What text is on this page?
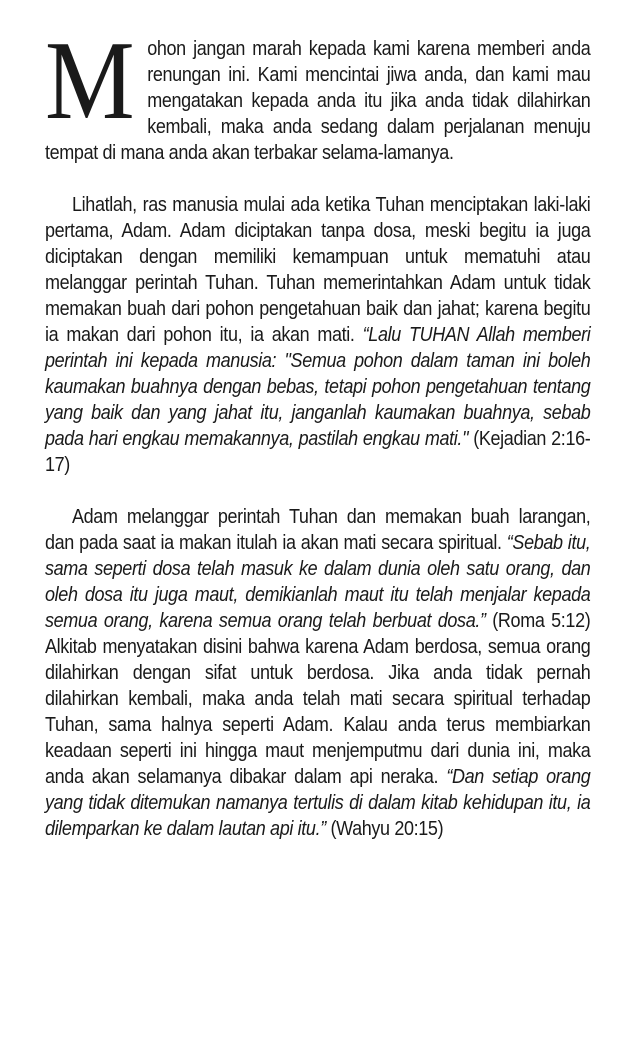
Mohon jangan marah kepada kami karena memberi anda renungan ini. Kami mencintai jiwa anda, dan kami mau mengatakan kepada anda itu jika anda tidak dilahirkan kembali, maka anda sedang dalam perjalanan menuju tempat di mana anda akan terbakar selama-lamanya.

Lihatlah, ras manusia mulai ada ketika Tuhan menciptakan laki-laki pertama, Adam. Adam diciptakan tanpa dosa, meski begitu ia juga diciptakan dengan memiliki kemampuan untuk mematuhi atau melanggar perintah Tuhan. Tuhan memerintahkan Adam untuk tidak memakan buah dari pohon pengetahuan baik dan jahat; karena begitu ia makan dari pohon itu, ia akan mati. “Lalu TUHAN Allah memberi perintah ini kepada manusia: "Semua pohon dalam taman ini boleh kaumakan buahnya dengan bebas, tetapi pohon pengetahuan tentang yang baik dan yang jahat itu, janganlah kaumakan buahnya, sebab pada hari engkau memakannya, pastilah engkau mati." (Kejadian 2:16-17)

Adam melanggar perintah Tuhan dan memakan buah larangan, dan pada saat ia makan itulah ia akan mati secara spiritual. “Sebab itu, sama seperti dosa telah masuk ke dalam dunia oleh satu orang, dan oleh dosa itu juga maut, demikianlah maut itu telah menjalar kepada semua orang, karena semua orang telah berbuat dosa.” (Roma 5:12) Alkitab menyatakan disini bahwa karena Adam berdosa, semua orang dilahirkan dengan sifat untuk berdosa. Jika anda tidak pernah dilahirkan kembali, maka anda telah mati secara spiritual terhadap Tuhan, sama halnya seperti Adam. Kalau anda terus membiarkan keadaan seperti ini hingga maut menjemputmu dari dunia ini, maka anda akan selamanya dibakar dalam api neraka. “Dan setiap orang yang tidak ditemukan namanya tertulis di dalam kitab kehidupan itu, ia dilemparkan ke dalam lautan api itu.” (Wahyu 20:15)
